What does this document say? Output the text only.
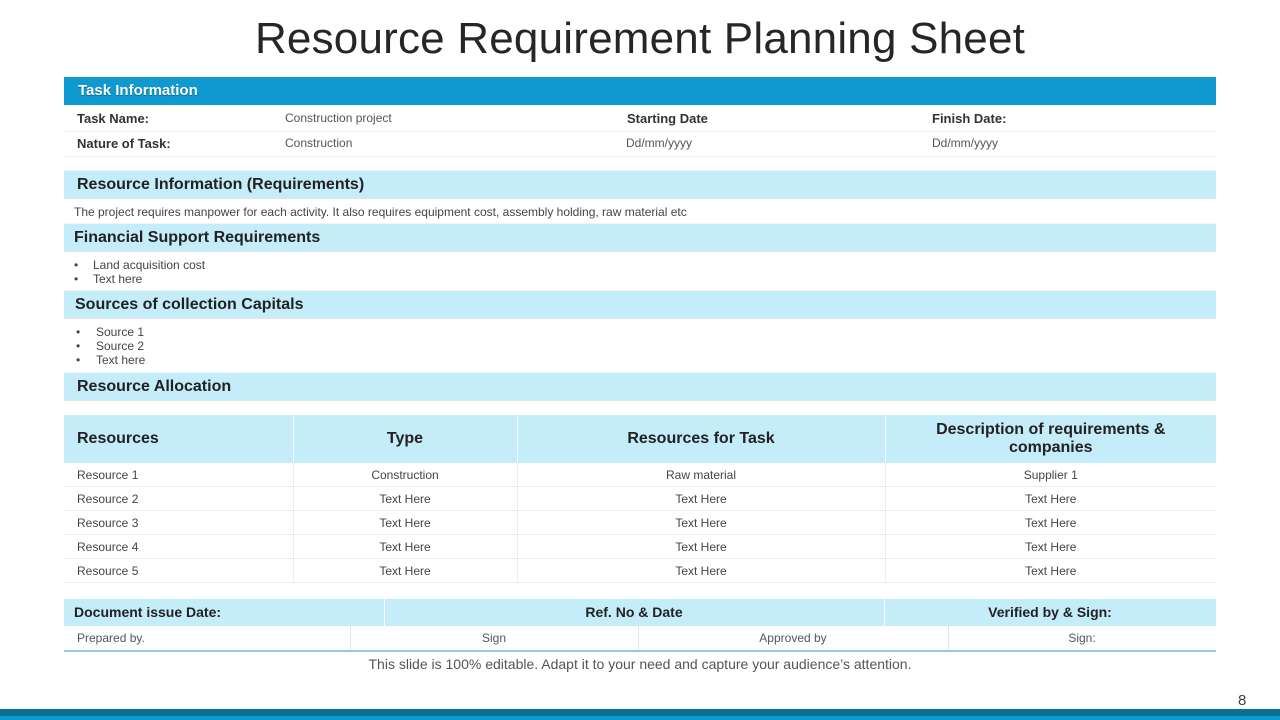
Resource Requirement Planning Sheet
Task Information
Task Name:	Construction project	Starting Date	Finish Date:
Nature of Task:	Construction	Dd/mm/yyyy	Dd/mm/yyyy
Resource Information (Requirements)
The project requires manpower for each activity. It also requires equipment cost, assembly holding, raw material etc
Financial Support Requirements
• Land acquisition cost
• Text here
Sources of collection Capitals
• Source 1
• Source 2
• Text here
Resource Allocation
Resources	Type	Resources for Task	Description of requirements & companies
Resource 1	Construction	Raw material	Supplier 1
Resource 2	Text Here	Text Here	Text Here
Resource 3	Text Here	Text Here	Text Here
Resource 4	Text Here	Text Here	Text Here
Resource 5	Text Here	Text Here	Text Here
Document issue Date:	Ref. No & Date	Verified by & Sign:
Prepared by.	Sign	Approved by	Sign:
This slide is 100% editable. Adapt it to your need and capture your audience’s attention.
8
